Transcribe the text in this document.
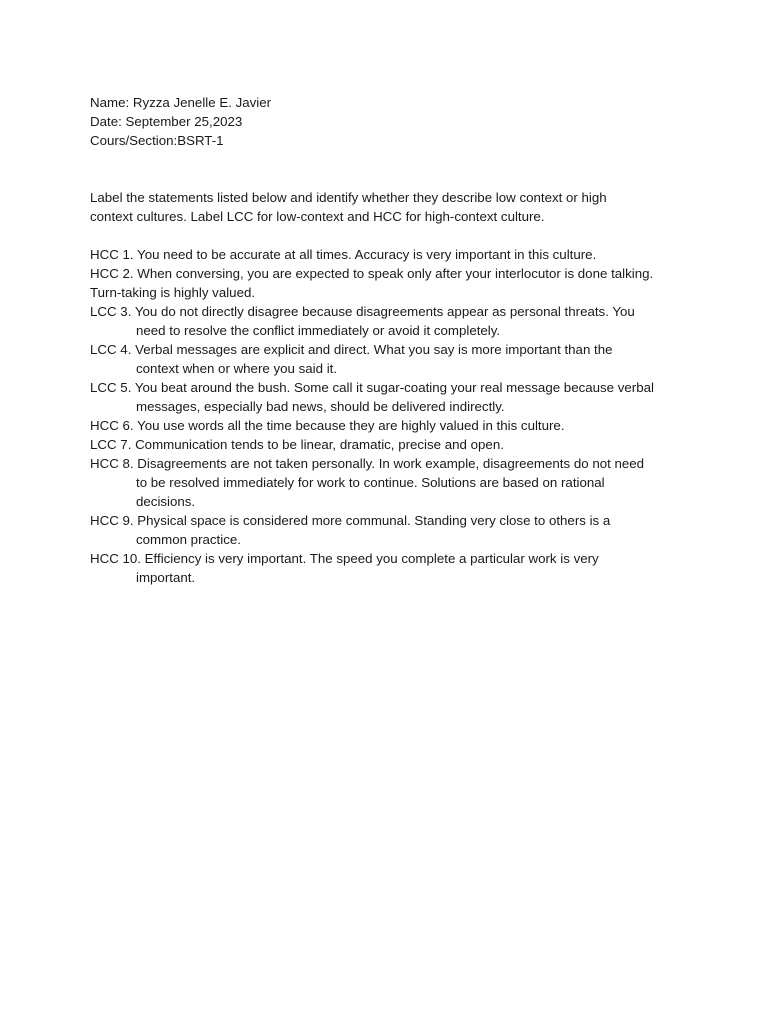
Name: Ryzza Jenelle E. Javier
Date: September 25,2023
Cours/Section:BSRT-1
Label the statements listed below and identify whether they describe low context or high
context cultures. Label LCC for low-context and HCC for high-context culture.
HCC 1. You need to be accurate at all times. Accuracy is very important in this culture.
HCC 2. When conversing, you are expected to speak only after your interlocutor is done talking.
Turn-taking is highly valued.
LCC 3. You do not directly disagree because disagreements appear as personal threats. You
need to resolve the conflict immediately or avoid it completely.
LCC 4. Verbal messages are explicit and direct. What you say is more important than the
context when or where you said it.
LCC 5. You beat around the bush. Some call it sugar-coating your real message because verbal
messages, especially bad news, should be delivered indirectly.
HCC 6. You use words all the time because they are highly valued in this culture.
LCC 7. Communication tends to be linear, dramatic, precise and open.
HCC 8. Disagreements are not taken personally. In work example, disagreements do not need
to be resolved immediately for work to continue. Solutions are based on rational
decisions.
HCC 9. Physical space is considered more communal. Standing very close to others is a
common practice.
HCC 10. Efficiency is very important. The speed you complete a particular work is very
important.
